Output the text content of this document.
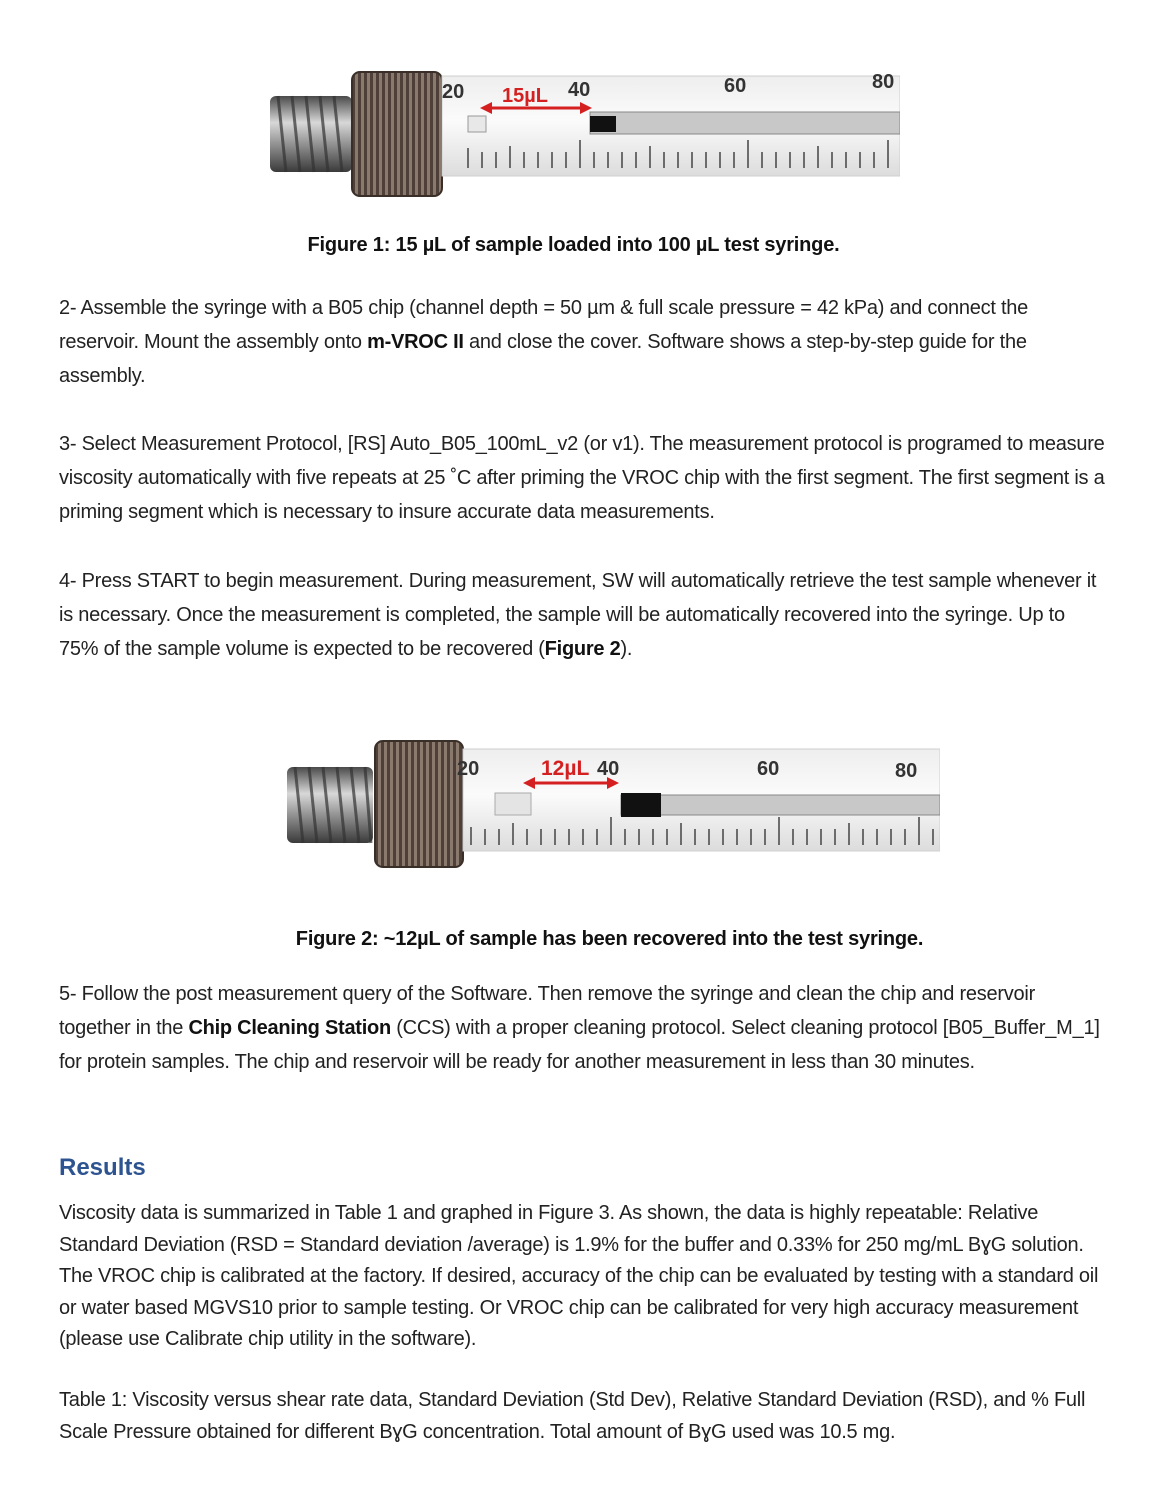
20	40	60	80
15µL
Figure 1: 15 µL of sample loaded into 100 µL test syringe.
2- Assemble the syringe with a B05 chip (channel depth = 50 µm & full scale pressure = 42 kPa) and connect the reservoir. Mount the assembly onto m-VROC II and close the cover. Software shows a step-by-step guide for the assembly.
3- Select Measurement Protocol, [RS] Auto_B05_100mL_v2 (or v1). The measurement protocol is programed to measure viscosity automatically with five repeats at 25 ˚C after priming the VROC chip with the first segment. The first segment is a priming segment which is necessary to insure accurate data measurements.
4- Press START to begin measurement. During measurement, SW will automatically retrieve the test sample whenever it is necessary. Once the measurement is completed, the sample will be automatically recovered into the syringe. Up to 75% of the sample volume is expected to be recovered (Figure 2).
20	40	60	80
12µL
Figure 2: ~12µL of sample has been recovered into the test syringe.
5- Follow the post measurement query of the Software. Then remove the syringe and clean the chip and reservoir together in the Chip Cleaning Station (CCS) with a proper cleaning protocol. Select cleaning protocol [B05_Buffer_M_1] for protein samples. The chip and reservoir will be ready for another measurement in less than 30 minutes.
Results
Viscosity data is summarized in Table 1 and graphed in Figure 3. As shown, the data is highly repeatable: Relative Standard Deviation (RSD = Standard deviation /average) is 1.9% for the buffer and 0.33% for 250 mg/mL BɣG solution. The VROC chip is calibrated at the factory. If desired, accuracy of the chip can be evaluated by testing with a standard oil or water based MGVS10 prior to sample testing. Or VROC chip can be calibrated for very high accuracy measurement (please use Calibrate chip utility in the software).
Table 1: Viscosity versus shear rate data, Standard Deviation (Std Dev), Relative Standard Deviation (RSD), and % Full Scale Pressure obtained for different BɣG concentration. Total amount of BɣG used was 10.5 mg.
